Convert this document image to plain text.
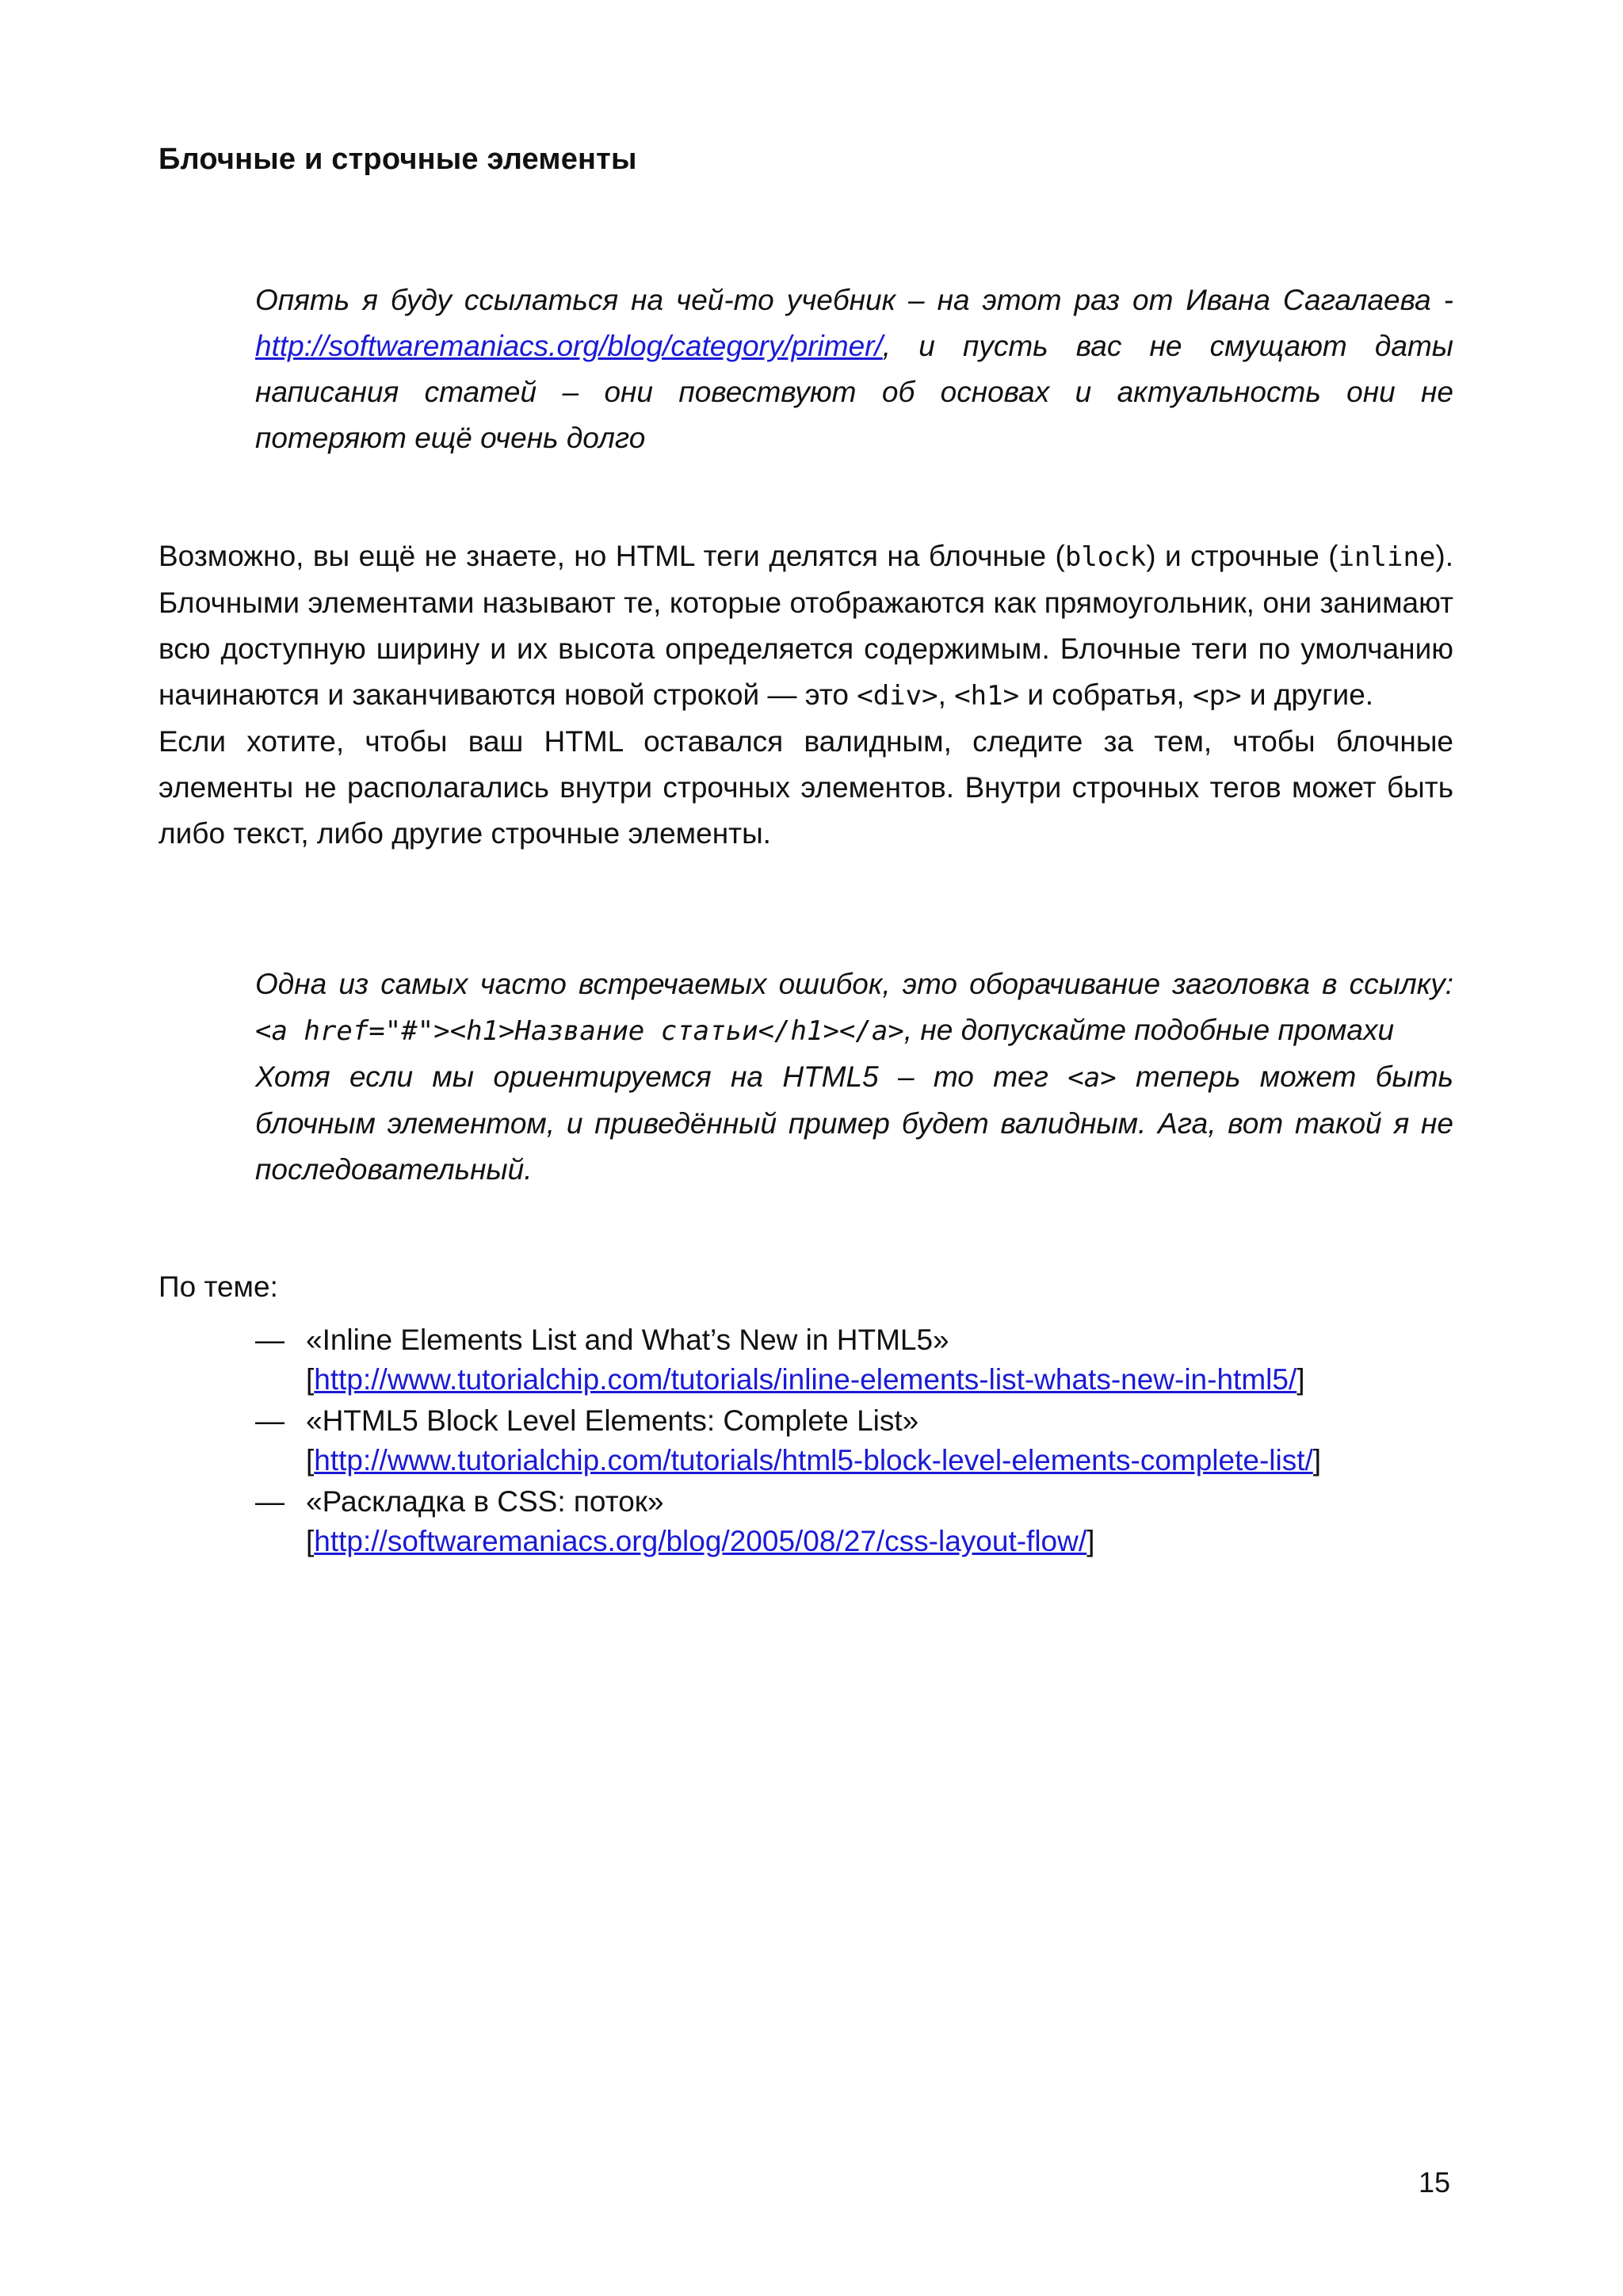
Блочные и строчные элементы
Опять я буду ссылаться на чей-то учебник – на этот раз от Ивана Сагалаева -
http://softwaremaniacs.org/blog/category/primer/, и пусть вас не смущают даты
написания статей – они повествуют об основах и актуальность они не
потеряют ещё очень долго
Возможно, вы ещё не знаете, но HTML теги делятся на блочные (block) и строчные (inline). Блочными элементами называют те, которые отображаются как прямоугольник, они занимают всю доступную ширину и их высота определяется содержимым. Блочные теги по умолчанию начинаются и заканчиваются новой строкой — это <div>, <h1> и собратья, <p> и другие.
Если хотите, чтобы ваш HTML оставался валидным, следите за тем, чтобы блочные элементы не располагались внутри строчных элементов. Внутри строчных тегов может быть либо текст, либо другие строчные элементы.
Одна из самых часто встречаемых ошибок, это оборачивание заголовка в ссылку:
<a href="#"><h1>Название статьи</h1></a>, не допускайте подобные промахи
Хотя если мы ориентируемся на HTML5 – то тег <a> теперь может быть
блочным элементом, и приведённый пример будет валидным. Ага, вот такой я не
последовательный.
По теме:
— «Inline Elements List and What’s New in HTML5»
[http://www.tutorialchip.com/tutorials/inline-elements-list-whats-new-in-html5/]
— «HTML5 Block Level Elements: Complete List»
[http://www.tutorialchip.com/tutorials/html5-block-level-elements-complete-list/]
— «Раскладка в CSS: поток»
[http://softwaremaniacs.org/blog/2005/08/27/css-layout-flow/]
15
